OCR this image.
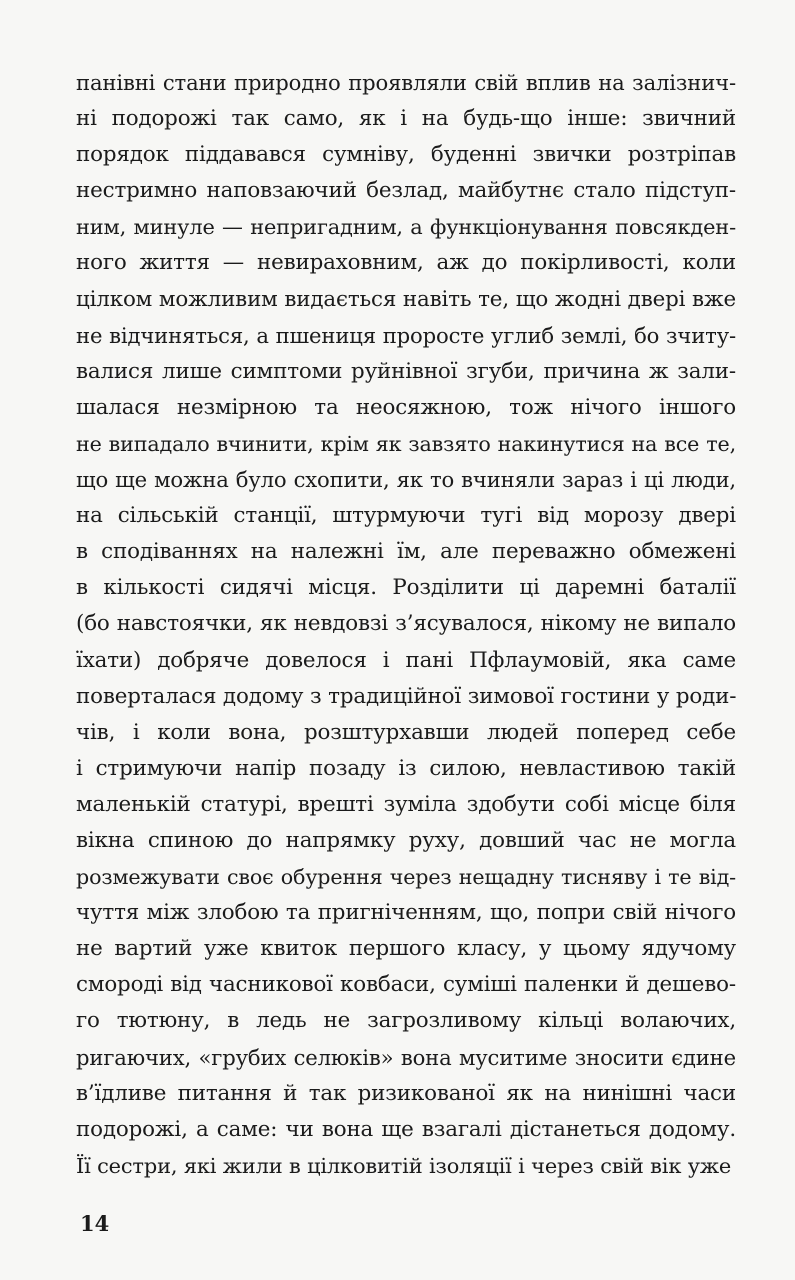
панівні стани природно проявляли свій вплив на залізнич-
ні подорожі так само, як і на будь-що інше: звичний
порядок піддавався сумніву, буденні звички розтріпав
нестримно наповзаючий безлад, майбутнє стало підступ-
ним, минуле — непригадним, а функціонування повсякден-
ного життя — невираховним, аж до покірливості, коли
цілком можливим видається навіть те, що жодні двері вже
не відчиняться, а пшениця проросте углиб землі, бо зчиту-
валися лише симптоми руйнівної згуби, причина ж зали-
шалася незмірною та неосяжною, тож нічого іншого
не випадало вчинити, крім як завзято накинутися на все те,
що ще можна було схопити, як то вчиняли зараз і ці люди,
на сільській станції, штурмуючи тугі від морозу двері
в сподіваннях на належні їм, але переважно обмежені
в кількості сидячі місця. Розділити ці даремні баталії
(бо навстоячки, як невдовзі з’ясувалося, нікому не випало
їхати) добряче довелося і пані Пфлаумовій, яка саме
поверталася додому з традиційної зимової гостини у роди-
чів, і коли вона, розштурхавши людей поперед себе
і стримуючи напір позаду із силою, невластивою такій
маленькій статурі, врешті зуміла здобути собі місце біля
вікна спиною до напрямку руху, довший час не могла
розмежувати своє обурення через нещадну тисняву і те від-
чуття між злобою та пригніченням, що, попри свій нічого
не вартий уже квиток першого класу, у цьому ядучому
смороді від часникової ковбаси, суміші паленки й дешево-
го тютюну, в ледь не загрозливому кільці волаючих,
ригаючих, «грубих селюків» вона муситиме зносити єдине
в’їдливе питання й так ризикованої як на нинішні часи
подорожі, а саме: чи вона ще взагалі дістанеться додому.
Її сестри, які жили в цілковитій ізоляції і через свій вік уже
14
